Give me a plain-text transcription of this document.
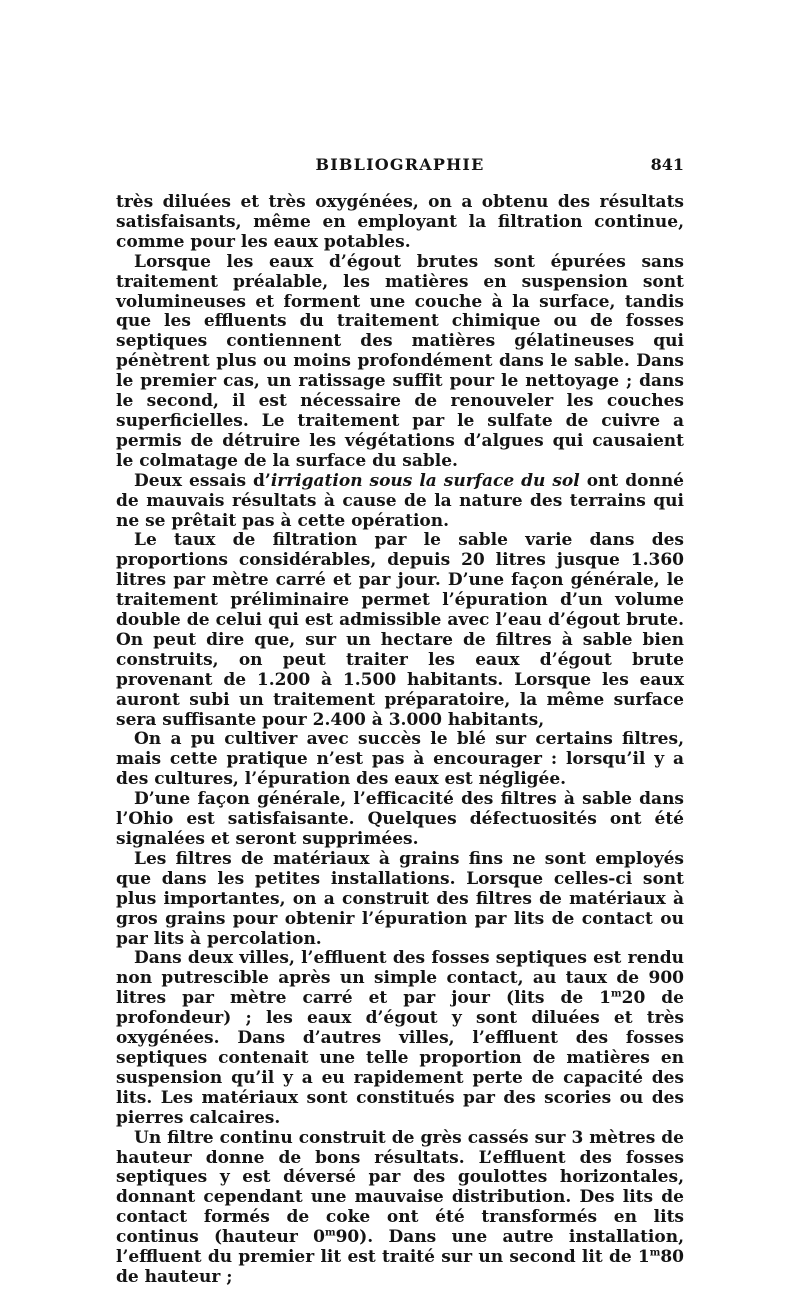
BIBLIOGRAPHIE	841

très diluées et très oxygénées, on a obtenu des résultats satisfaisants, même en employant la filtration continue, comme pour les eaux potables.

Lorsque les eaux d’égout brutes sont épurées sans traitement préalable, les matières en suspension sont volumineuses et forment une couche à la surface, tandis que les effluents du traitement chimique ou de fosses septiques contiennent des matières gélatineuses qui pénètrent plus ou moins profondément dans le sable. Dans le premier cas, un ratissage suffit pour le nettoyage ; dans le second, il est nécessaire de renouveler les couches superficielles. Le traitement par le sulfate de cuivre a permis de détruire les végétations d’algues qui causaient le colmatage de la surface du sable.

Deux essais d’irrigation sous la surface du sol ont donné de mauvais résultats à cause de la nature des terrains qui ne se prêtait pas à cette opération.

Le taux de filtration par le sable varie dans des proportions considérables, depuis 20 litres jusque 1.360 litres par mètre carré et par jour. D’une façon générale, le traitement préliminaire permet l’épuration d’un volume double de celui qui est admissible avec l’eau d’égout brute. On peut dire que, sur un hectare de filtres à sable bien construits, on peut traiter les eaux d’égout brute provenant de 1.200 à 1.500 habitants. Lorsque les eaux auront subi un traitement préparatoire, la même surface sera suffisante pour 2.400 à 3.000 habitants,

On a pu cultiver avec succès le blé sur certains filtres, mais cette pratique n’est pas à encourager : lorsqu’il y a des cultures, l’épuration des eaux est négligée.

D’une façon générale, l’efficacité des filtres à sable dans l’Ohio est satisfaisante. Quelques défectuosités ont été signalées et seront supprimées.

Les filtres de matériaux à grains fins ne sont employés que dans les petites installations. Lorsque celles-ci sont plus importantes, on a construit des filtres de matériaux à gros grains pour obtenir l’épuration par lits de contact ou par lits à percolation.

Dans deux villes, l’effluent des fosses septiques est rendu non putrescible après un simple contact, au taux de 900 litres par mètre carré et par jour (lits de 1$^m$20 de profondeur) ; les eaux d’égout y sont diluées et très oxygénées. Dans d’autres villes, l’effluent des fosses septiques contenait une telle proportion de matières en suspension qu’il y a eu rapidement perte de capacité des lits. Les matériaux sont constitués par des scories ou des pierres calcaires.

Un filtre continu construit de grès cassés sur 3 mètres de hauteur donne de bons résultats. L’effluent des fosses septiques y est déversé par des goulottes horizontales, donnant cependant une mauvaise distribution. Des lits de contact formés de coke ont été transformés en lits continus (hauteur 0$^m$90). Dans une autre installation, l’effluent du premier lit est traité sur un second lit de 1$^m$80 de hauteur ;
